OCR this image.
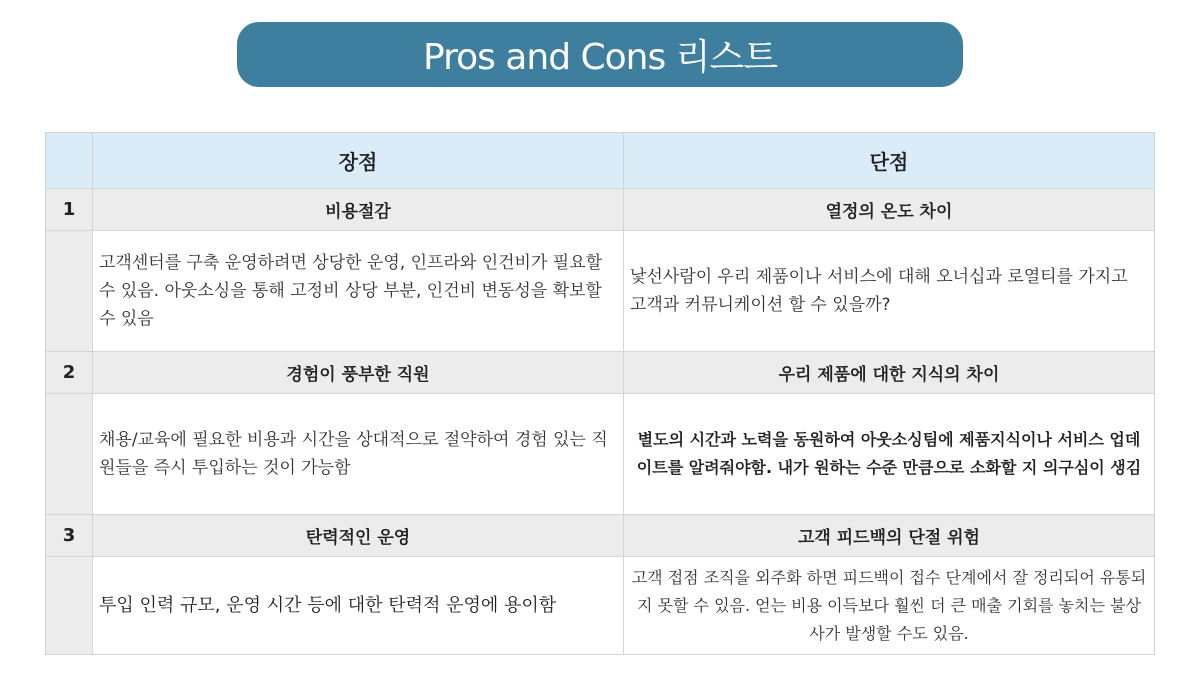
Pros and Cons 리스트
	장점	단점
1	비용절감	열정의 온도 차이
	고객센터를 구축 운영하려면 상당한 운영, 인프라와 인건비가 필요할 수 있음. 아웃소싱을 통해 고정비 상당 부분, 인건비 변동성을 확보할 수 있음	낯선사람이 우리 제품이나 서비스에 대해 오너십과 로열티를 가지고 고객과 커뮤니케이션 할 수 있을까?
2	경험이 풍부한 직원	우리 제품에 대한 지식의 차이
	채용/교육에 필요한 비용과 시간을 상대적으로 절약하여 경험 있는 직원들을 즉시 투입하는 것이 가능함	별도의 시간과 노력을 동원하여 아웃소싱팀에 제품지식이나 서비스 업데이트를 알려줘야함. 내가 원하는 수준 만큼으로 소화할 지 의구심이 생김
3	탄력적인 운영	고객 피드백의 단절 위험
	투입 인력 규모, 운영 시간 등에 대한 탄력적 운영에 용이함	고객 접점 조직을 외주화 하면 피드백이 접수 단계에서 잘 정리되어 유통되지 못할 수 있음. 얻는 비용 이득보다 훨씬 더 큰 매출 기회를 놓치는 불상사가 발생할 수도 있음.
